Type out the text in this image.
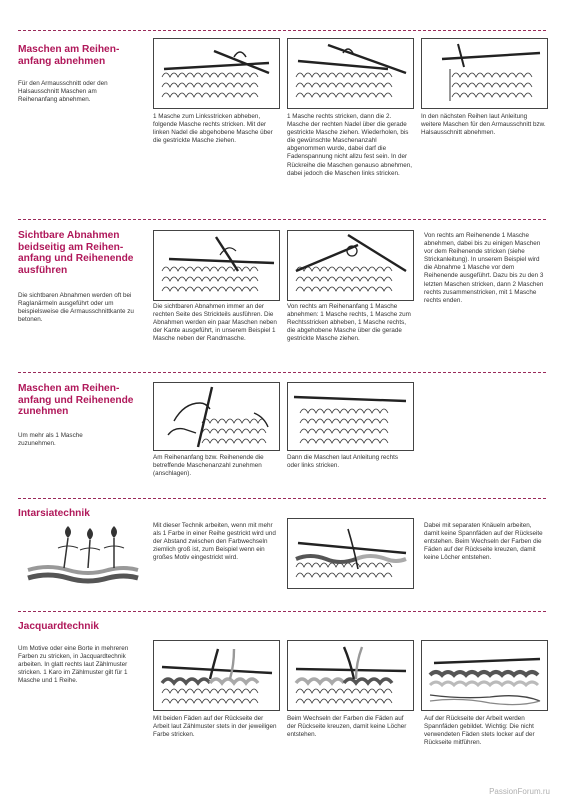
Maschen am Reihen-
anfang abnehmen

Für den Armausschnitt oder den Halsausschnitt Maschen am Reihenanfang abnehmen.

1 Masche zum Linksstricken abheben, folgende Masche rechts stricken. Mit der linken Nadel die abgehobene Masche über die gestrickte Masche ziehen.

1 Masche rechts stricken, dann die 2. Masche der rechten Nadel über die gerade gestrickte Masche ziehen. Wiederholen, bis die gewünschte Maschenanzahl abgenommen wurde, dabei darf die Fadenspannung nicht allzu fest sein. In der Rückreihe die Maschen genauso abnehmen, dabei jedoch die Maschen links stricken.

In den nächsten Reihen laut Anleitung weitere Maschen für den Armausschnitt bzw. Halsausschnitt abnehmen.

Sichtbare Abnahmen beidseitig am Reihen-anfang und Reihenende ausführen

Die sichtbaren Abnahmen werden oft bei Raglanärmeln ausgeführt oder um beispielsweise die Armausschnittkante zu betonen.

Die sichtbaren Abnahmen immer an der rechten Seite des Strickteils ausführen. Die Abnahmen werden ein paar Maschen neben der Kante ausgeführt, in unserem Beispiel 1 Masche neben der Randmasche.

Von rechts am Reihenanfang 1 Masche abnehmen: 1 Masche rechts, 1 Masche zum Rechtsstricken abheben, 1 Masche rechts, die abgehobene Masche über die gerade gestrickte Masche ziehen.

Von rechts am Reihenende 1 Masche abnehmen, dabei bis zu einigen Maschen vor dem Reihenende stricken (siehe Strickanleitung). In unserem Beispiel wird die Abnahme 1 Masche vor dem Reihenende ausgeführt. Dazu bis zu den 3 letzten Maschen stricken, dann 2 Maschen rechts zusammenstricken, mit 1 Masche rechts enden.

Maschen am Reihen-anfang und Reihenende zunehmen

Um mehr als 1 Masche zuzunehmen.

Am Reihenanfang bzw. Reihenende die betreffende Maschenanzahl zunehmen (anschlagen).

Dann die Maschen laut Anleitung rechts oder links stricken.

Intarsiatechnik

Mit dieser Technik arbeiten, wenn mit mehr als 1 Farbe in einer Reihe gestrickt wird und der Abstand zwischen den Farbwechseln ziemlich groß ist, zum Beispiel wenn ein großes Motiv eingestrickt wird.

Dabei mit separaten Knäueln arbeiten, damit keine Spannfäden auf der Rückseite entstehen. Beim Wechseln der Farben die Fäden auf der Rückseite kreuzen, damit keine Löcher entstehen.

Jacquardtechnik

Um Motive oder eine Borte in mehreren Farben zu stricken, in Jacquardtechnik arbeiten. In glatt rechts laut Zählmuster stricken. 1 Karo im Zählmuster gilt für 1 Masche und 1 Reihe.

Mit beiden Fäden auf der Rückseite der Arbeit laut Zählmuster stets in der jeweiligen Farbe stricken.

Beim Wechseln der Farben die Fäden auf der Rückseite kreuzen, damit keine Löcher entstehen.

Auf der Rückseite der Arbeit werden Spannfäden gebildet. Wichtig: Die nicht verwendeten Fäden stets locker auf der Rückseite mitführen.

PassionForum.ru
